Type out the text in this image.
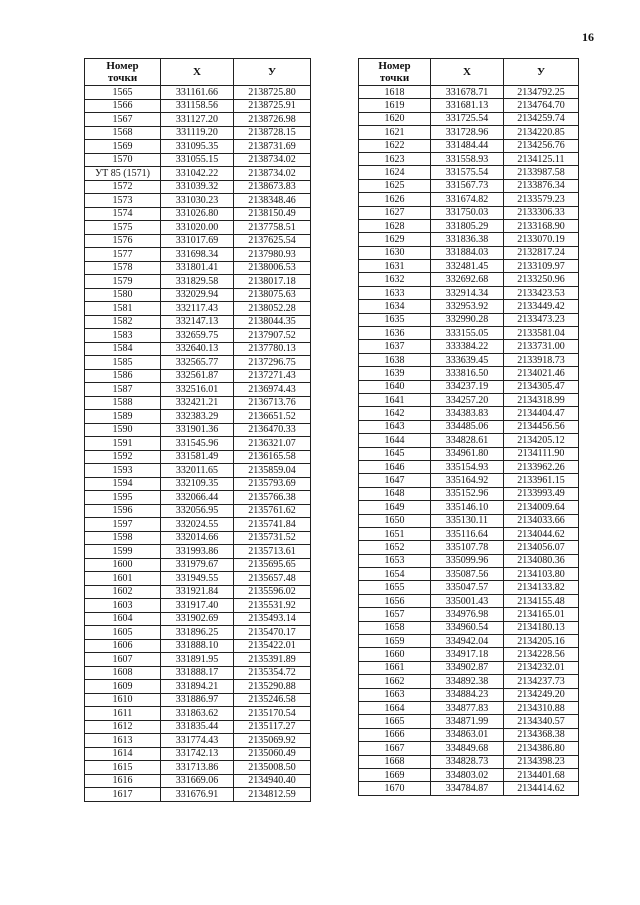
16
Номер
точки	X	У
1565	331161.66	2138725.80
1566	331158.56	2138725.91
1567	331127.20	2138726.98
1568	331119.20	2138728.15
1569	331095.35	2138731.69
1570	331055.15	2138734.02
УТ 85 (1571)	331042.22	2138734.02
1572	331039.32	2138673.83
1573	331030.23	2138348.46
1574	331026.80	2138150.49
1575	331020.00	2137758.51
1576	331017.69	2137625.54
1577	331698.34	2137980.93
1578	331801.41	2138006.53
1579	331829.58	2138017.18
1580	332029.94	2138075.63
1581	332117.43	2138052.28
1582	332147.13	2138044.35
1583	332659.75	2137907.52
1584	332640.13	2137780.13
1585	332565.77	2137296.75
1586	332561.87	2137271.43
1587	332516.01	2136974.43
1588	332421.21	2136713.76
1589	332383.29	2136651.52
1590	331901.36	2136470.33
1591	331545.96	2136321.07
1592	331581.49	2136165.58
1593	332011.65	2135859.04
1594	332109.35	2135793.69
1595	332066.44	2135766.38
1596	332056.95	2135761.62
1597	332024.55	2135741.84
1598	332014.66	2135731.52
1599	331993.86	2135713.61
1600	331979.67	2135695.65
1601	331949.55	2135657.48
1602	331921.84	2135596.02
1603	331917.40	2135531.92
1604	331902.69	2135493.14
1605	331896.25	2135470.17
1606	331888.10	2135422.01
1607	331891.95	2135391.89
1608	331888.17	2135354.72
1609	331894.21	2135290.88
1610	331886.97	2135246.58
1611	331863.62	2135170.54
1612	331835.44	2135117.27
1613	331774.43	2135069.92
1614	331742.13	2135060.49
1615	331713.86	2135008.50
1616	331669.06	2134940.40
1617	331676.91	2134812.59
Номер
точки	X	У
1618	331678.71	2134792.25
1619	331681.13	2134764.70
1620	331725.54	2134259.74
1621	331728.96	2134220.85
1622	331484.44	2134256.76
1623	331558.93	2134125.11
1624	331575.54	2133987.58
1625	331567.73	2133876.34
1626	331674.82	2133579.23
1627	331750.03	2133306.33
1628	331805.29	2133168.90
1629	331836.38	2133070.19
1630	331884.03	2132817.24
1631	332481.45	2133109.97
1632	332692.68	2133250.96
1633	332914.34	2133423.53
1634	332953.92	2133449.42
1635	332990.28	2133473.23
1636	333155.05	2133581.04
1637	333384.22	2133731.00
1638	333639.45	2133918.73
1639	333816.50	2134021.46
1640	334237.19	2134305.47
1641	334257.20	2134318.99
1642	334383.83	2134404.47
1643	334485.06	2134456.56
1644	334828.61	2134205.12
1645	334961.80	2134111.90
1646	335154.93	2133962.26
1647	335164.92	2133961.15
1648	335152.96	2133993.49
1649	335146.10	2134009.64
1650	335130.11	2134033.66
1651	335116.64	2134044.62
1652	335107.78	2134056.07
1653	335099.96	2134080.36
1654	335087.56	2134103.80
1655	335047.57	2134133.82
1656	335001.43	2134155.48
1657	334976.98	2134165.01
1658	334960.54	2134180.13
1659	334942.04	2134205.16
1660	334917.18	2134228.56
1661	334902.87	2134232.01
1662	334892.38	2134237.73
1663	334884.23	2134249.20
1664	334877.83	2134310.88
1665	334871.99	2134340.57
1666	334863.01	2134368.38
1667	334849.68	2134386.80
1668	334828.73	2134398.23
1669	334803.02	2134401.68
1670	334784.87	2134414.62
